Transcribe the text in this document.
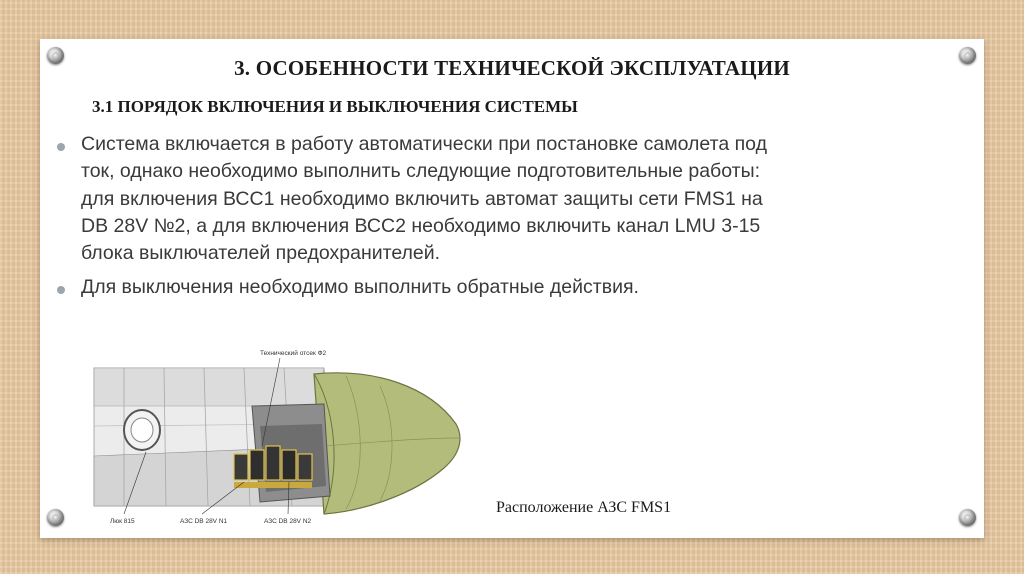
3. ОСОБЕННОСТИ ТЕХНИЧЕСКОЙ ЭКСПЛУАТАЦИИ
3.1 ПОРЯДОК ВКЛЮЧЕНИЯ И ВЫКЛЮЧЕНИЯ СИСТЕМЫ
Система включается в работу автоматически при постановке самолета под ток, однако необходимо выполнить следующие подготовительные работы: для включения ВСС1 необходимо включить автомат защиты сети FMS1 на DB 28V №2, а для включения ВСС2 необходимо включить канал LMU 3-15 блока выключателей предохранителей.
Для выключения необходимо выполнить обратные действия.
Технический отсек Ф2
Люк 815	АЗС DB 28V N1	АЗС DB 28V N2

Расположение АЗС FMS1
